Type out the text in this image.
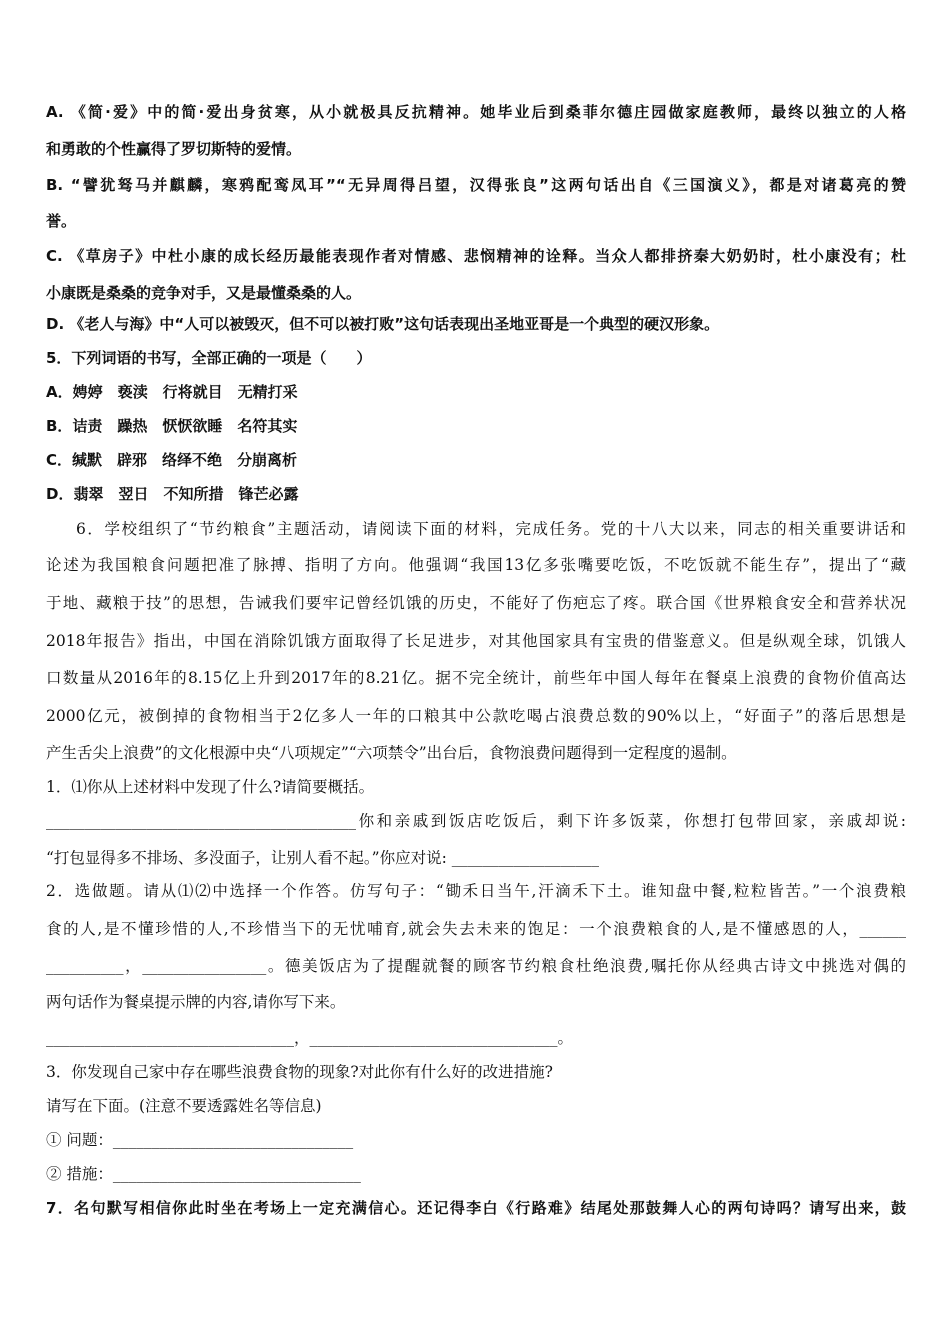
A. 《简·爱》中的简·爱出身贫寒，从小就极具反抗精神。她毕业后到桑菲尔德庄园做家庭教师，最终以独立的人格
和勇敢的个性赢得了罗切斯特的爱情。
B. “譬犹驽马并麒麟，寒鸦配鸾凤耳”“无异周得吕望，汉得张良”这两句话出自《三国演义》，都是对诸葛亮的赞
誉。
C. 《草房子》中杜小康的成长经历最能表现作者对情感、悲悯精神的诠释。当众人都排挤秦大奶奶时，杜小康没有；杜
小康既是桑桑的竞争对手，又是最懂桑桑的人。
D. 《老人与海》中“人可以被毁灭，但不可以被打败”这句话表现出圣地亚哥是一个典型的硬汉形象。
5．下列词语的书写，全部正确的一项是（　　）
A．娉婷　亵渎　行将就目　无精打采
B．诘责　躁热　恹恹欲睡　名符其实
C．缄默　辟邪　络绎不绝　分崩离析
D．翡翠　翌日　不知所措　锋芒必露
6．学校组织了“节约粮食”主题活动，请阅读下面的材料，完成任务。党的十八大以来，同志的相关重要讲话和
论述为我国粮食问题把准了脉搏、指明了方向。他强调“我国13亿多张嘴要吃饭，不吃饭就不能生存”，提出了“藏
于地、藏粮于技”的思想，告诫我们要牢记曾经饥饿的历史，不能好了伤疤忘了疼。联合国《世界粮食安全和营养状况
2018年报告》指出，中国在消除饥饿方面取得了长足进步，对其他国家具有宝贵的借鉴意义。但是纵观全球，饥饿人
口数量从2016年的8.15亿上升到2017年的8.21亿。据不完全统计，前些年中国人每年在餐桌上浪费的食物价值高达
2000亿元，被倒掉的食物相当于2亿多人一年的口粮其中公款吃喝占浪费总数的90%以上，“好面子”的落后思想是
产生舌尖上浪费”的文化根源中央“八项规定”“六项禁令”出台后，食物浪费问题得到一定程度的遏制。
1．⑴你从上述材料中发现了什么?请简要概括。
________________________________________你和亲戚到饭店吃饭后，剩下许多饭菜，你想打包带回家，亲戚却说:
“打包显得多不排场、多没面子，让别人看不起。”你应对说: ___________________
2．选做题。请从⑴⑵中选择一个作答。仿写句子：“锄禾日当午,汗滴禾下土。谁知盘中餐,粒粒皆苦。”一个浪费粮
食的人,是不懂珍惜的人,不珍惜当下的无忧哺育,就会失去未来的饱足：一个浪费粮食的人,是不懂感恩的人，______
__________，________________。德美饭店为了提醒就餐的顾客节约粮食杜绝浪费,嘱托你从经典古诗文中挑选对偶的
两句话作为餐桌提示牌的内容,请你写下来。
________________________________，________________________________。
3．你发现自己家中存在哪些浪费食物的现象?对此你有什么好的改进措施?
请写在下面。(注意不要透露姓名等信息)
① 问题：_______________________________
② 措施：________________________________
7．名句默写相信你此时坐在考场上一定充满信心。还记得李白《行路难》结尾处那鼓舞人心的两句诗吗？请写出来，鼓
